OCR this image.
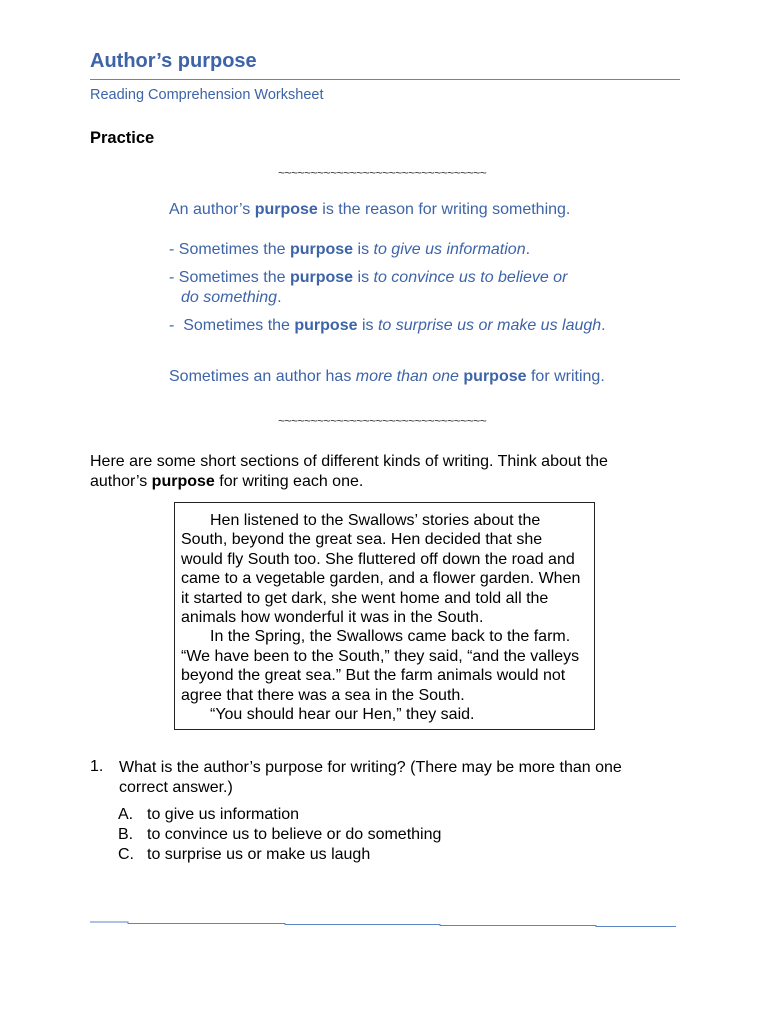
Author’s purpose
Reading Comprehension Worksheet
Practice
~~~~~~~~~~~~~~~~~~~~~~~~~~~~~~~~
An author’s purpose is the reason for writing something.
- Sometimes the purpose is to give us information.
- Sometimes the purpose is to convince us to believe or
do something.
-  Sometimes the purpose is to surprise us or make us laugh.
Sometimes an author has more than one purpose for writing.
~~~~~~~~~~~~~~~~~~~~~~~~~~~~~~~~
Here are some short sections of different kinds of writing. Think about the author’s purpose for writing each one.

Hen listened to the Swallows’ stories about the South, beyond the great sea. Hen decided that she would fly South too. She fluttered off down the road and came to a vegetable garden, and a flower garden. When it started to get dark, she went home and told all the animals how wonderful it was in the South.

In the Spring, the Swallows came back to the farm. “We have been to the South,” they said, “and the valleys beyond the great sea.” But the farm animals would not agree that there was a sea in the South.

“You should hear our Hen,” they said.

1. What is the author’s purpose for writing? (There may be more than one correct answer.)
A. to give us information
B. to convince us to believe or do something
C. to surprise us or make us laugh
